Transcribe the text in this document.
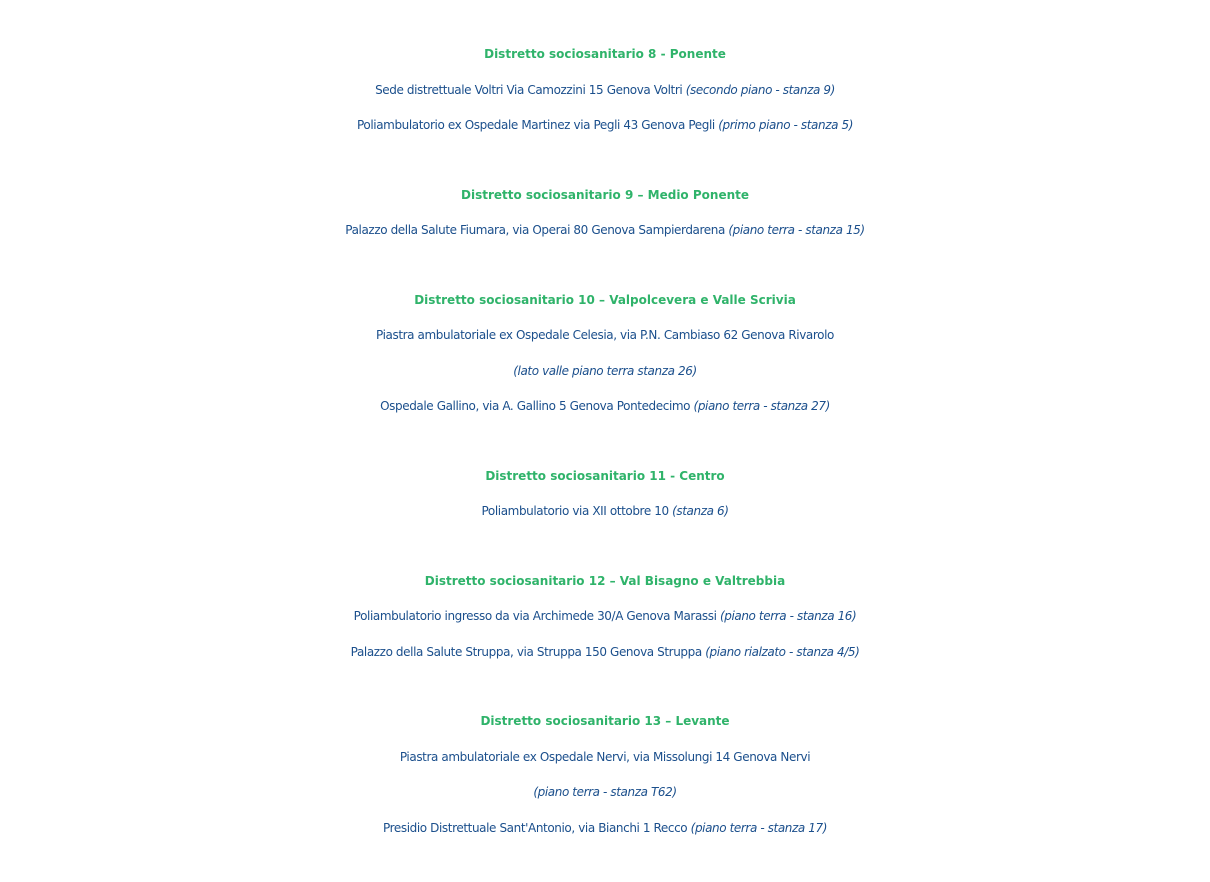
Distretto sociosanitario 8 - Ponente
Sede distrettuale Voltri Via Camozzini 15 Genova Voltri (secondo piano - stanza 9)
Poliambulatorio ex Ospedale Martinez via Pegli 43 Genova Pegli (primo piano - stanza 5)
Distretto sociosanitario 9 – Medio Ponente
Palazzo della Salute Fiumara, via Operai 80 Genova Sampierdarena (piano terra - stanza 15)
Distretto sociosanitario 10 – Valpolcevera e Valle Scrivia
Piastra ambulatoriale ex Ospedale Celesia, via P.N. Cambiaso 62 Genova Rivarolo
(lato valle piano terra stanza 26)
Ospedale Gallino, via A. Gallino 5 Genova Pontedecimo (piano terra - stanza 27)
Distretto sociosanitario 11 - Centro
Poliambulatorio via XII ottobre 10 (stanza 6)
Distretto sociosanitario 12 – Val Bisagno e Valtrebbia
Poliambulatorio ingresso da via Archimede 30/A Genova Marassi (piano terra - stanza 16)
Palazzo della Salute Struppa, via Struppa 150 Genova Struppa (piano rialzato - stanza 4/5)
Distretto sociosanitario 13 – Levante
Piastra ambulatoriale ex Ospedale Nervi, via Missolungi 14 Genova Nervi
(piano terra - stanza T62)
Presidio Distrettuale Sant'Antonio, via Bianchi 1 Recco (piano terra - stanza 17)
